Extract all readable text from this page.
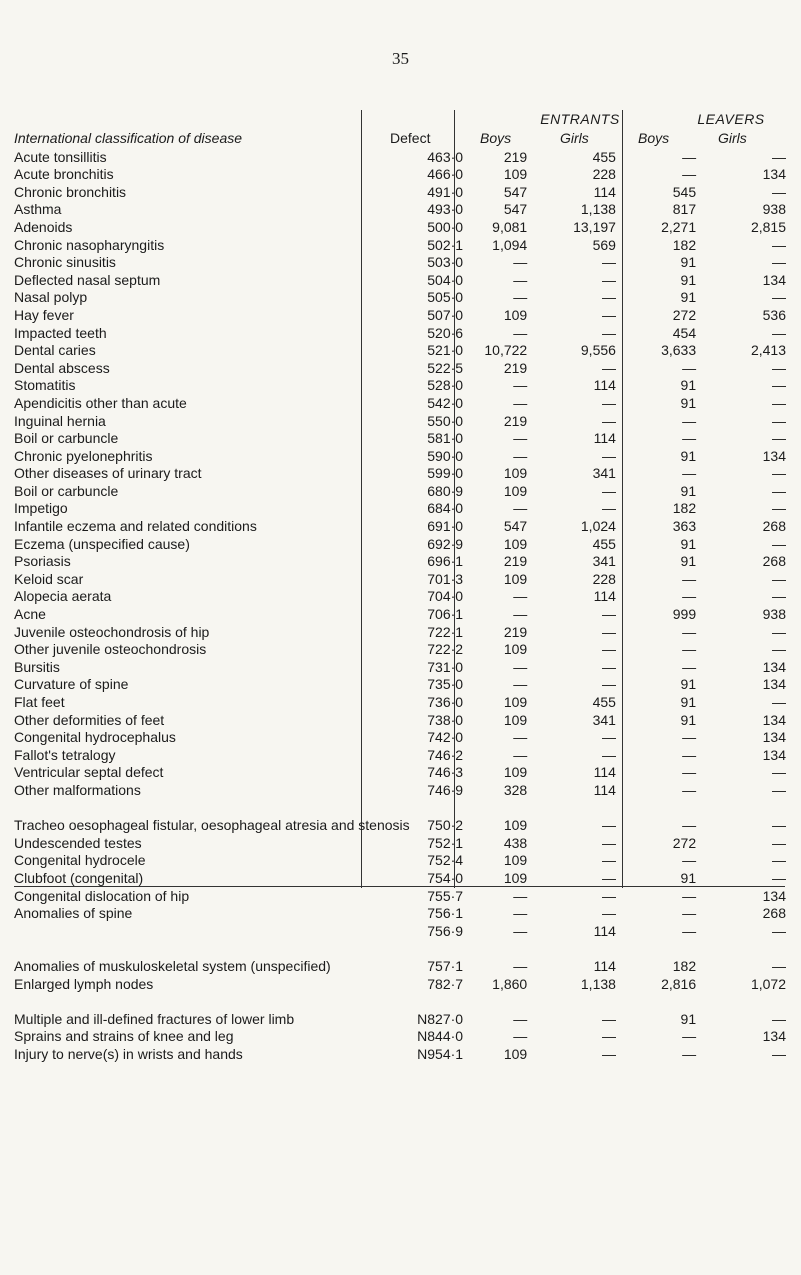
35
ENTRANTS	LEAVERS
International classification of disease	Defect	Boys	Girls	Boys	Girls
Acute tonsillitis	463·0	219	455	—	—
Acute bronchitis	466·0	109	228	—	134
Chronic bronchitis	491·0	547	114	545	—
Asthma	493·0	547	1,138	817	938
Adenoids	500·0	9,081	13,197	2,271	2,815
Chronic nasopharyngitis	502·1	1,094	569	182	—
Chronic sinusitis	503·0	—	—	91	—
Deflected nasal septum	504·0	—	—	91	134
Nasal polyp	505·0	—	—	91	—
Hay fever	507·0	109	—	272	536
Impacted teeth	520·6	—	—	454	—
Dental caries	521·0	10,722	9,556	3,633	2,413
Dental abscess	522·5	219	—	—	—
Stomatitis	528·0	—	114	91	—
Apendicitis other than acute	542·0	—	—	91	—
Inguinal hernia	550·0	219	—	—	—
Boil or carbuncle	581·0	—	114	—	—
Chronic pyelonephritis	590·0	—	—	91	134
Other diseases of urinary tract	599·0	109	341	—	—
Boil or carbuncle	680·9	109	—	91	—
Impetigo	684·0	—	—	182	—
Infantile eczema and related conditions	691·0	547	1,024	363	268
Eczema (unspecified cause)	692·9	109	455	91	—
Psoriasis	696·1	219	341	91	268
Keloid scar	701·3	109	228	—	—
Alopecia aerata	704·0	—	114	—	—
Acne	706·1	—	—	999	938
Juvenile osteochondrosis of hip	722·1	219	—	—	—
Other juvenile osteochondrosis	722·2	109	—	—	—
Bursitis	731·0	—	—	—	134
Curvature of spine	735·0	—	—	91	134
Flat feet	736·0	109	455	91	—
Other deformities of feet	738·0	109	341	91	134
Congenital hydrocephalus	742·0	—	—	—	134
Fallot's tetralogy	746·2	—	—	—	134
Ventricular septal defect	746·3	109	114	—	—
Other malformations	746·9	328	114	—	—
Tracheo oesophageal fistular, oesophageal atresia and stenosis	750·2	109	—	—	—
Undescended testes	752·1	438	—	272	—
Congenital hydrocele	752·4	109	—	—	—
Clubfoot (congenital)	754·0	109	—	91	—
Congenital dislocation of hip	755·7	—	—	—	134
Anomalies of spine	756·1	—	—	—	268
	756·9	—	114	—	—
Anomalies of muskuloskeletal system (unspecified)	757·1	—	114	182	—
Enlarged lymph nodes	782·7	1,860	1,138	2,816	1,072
Multiple and ill-defined fractures of lower limb	N827·0	—	—	91	—
Sprains and strains of knee and leg	N844·0	—	—	—	134
Injury to nerve(s) in wrists and hands	N954·1	109	—	—	—
